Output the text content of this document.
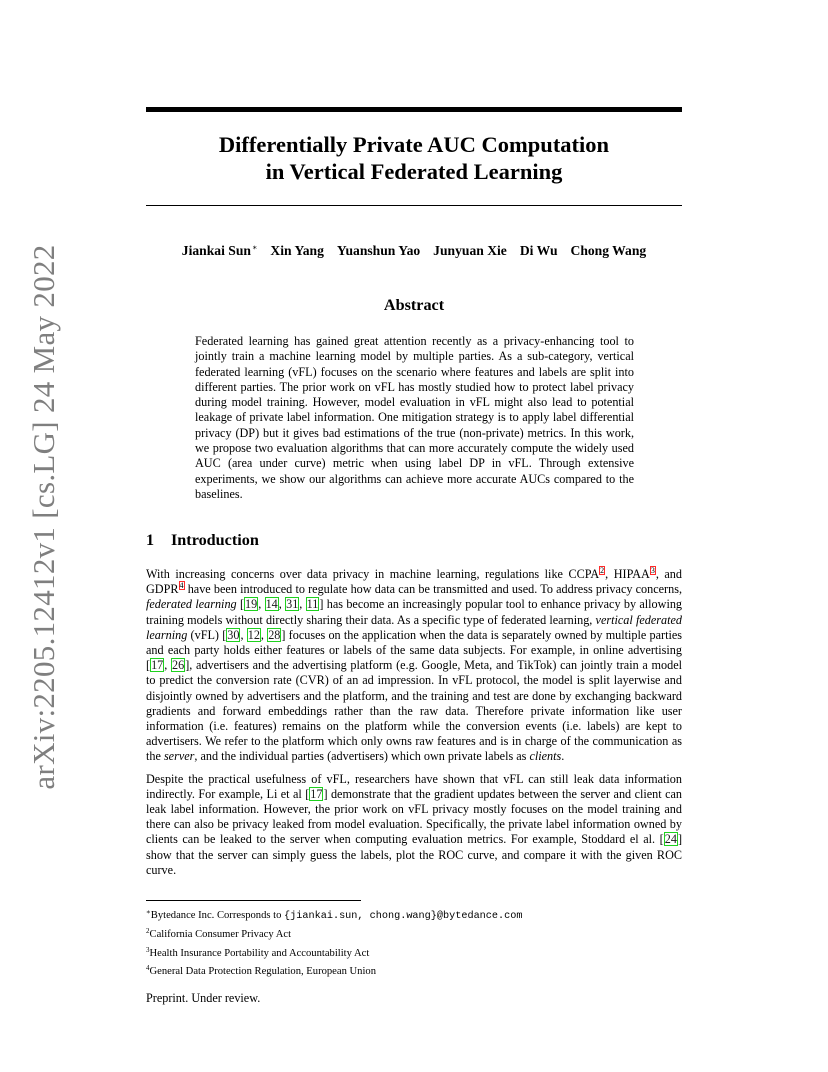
arXiv:2205.12412v1 [cs.LG] 24 May 2022
Differentially Private AUC Computation
in Vertical Federated Learning
Jiankai Sun∗ Xin Yang Yuanshun Yao Junyuan Xie Di Wu Chong Wang
Abstract
Federated learning has gained great attention recently as a privacy-enhancing tool to jointly train a machine learning model by multiple parties. As a sub-category, vertical federated learning (vFL) focuses on the scenario where features and labels are split into different parties. The prior work on vFL has mostly studied how to protect label privacy during model training. However, model evaluation in vFL might also lead to potential leakage of private label information. One mitigation strategy is to apply label differential privacy (DP) but it gives bad estimations of the true (non-private) metrics. In this work, we propose two evaluation algorithms that can more accurately compute the widely used AUC (area under curve) metric when using label DP in vFL. Through extensive experiments, we show our algorithms can achieve more accurate AUCs compared to the baselines.
1 Introduction

With increasing concerns over data privacy in machine learning, regulations like CCPA$^2$, HIPAA$^3$, and GDPR$^4$ have been introduced to regulate how data can be transmitted and used. To address privacy concerns, federated learning [19, 14, 31, 11] has become an increasingly popular tool to enhance privacy by allowing training models without directly sharing their data. As a specific type of federated learning, vertical federated learning (vFL) [30, 12, 28] focuses on the application when the data is separately owned by multiple parties and each party holds either features or labels of the same data subjects. For example, in online advertising [17, 26], advertisers and the advertising platform (e.g. Google, Meta, and TikTok) can jointly train a model to predict the conversion rate (CVR) of an ad impression. In vFL protocol, the model is split layerwise and disjointly owned by advertisers and the platform, and the training and test are done by exchanging backward gradients and forward embeddings rather than the raw data. Therefore private information like user information (i.e. features) remains on the platform while the conversion events (i.e. labels) are kept to advertisers. We refer to the platform which only owns raw features and is in charge of the communication as the server, and the individual parties (advertisers) which own private labels as clients.

Despite the practical usefulness of vFL, researchers have shown that vFL can still leak data information indirectly. For example, Li et al [17] demonstrate that the gradient updates between the server and client can leak label information. However, the prior work on vFL privacy mostly focuses on the model training and there can also be privacy leaked from model evaluation. Specifically, the private label information owned by clients can be leaked to the server when computing evaluation metrics. For example, Stoddard el al. [24] show that the server can simply guess the labels, plot the ROC curve, and compare it with the given ROC curve.

∗Bytedance Inc. Corresponds to {jiankai.sun, chong.wang}@bytedance.com
$^2$California Consumer Privacy Act
$^3$Health Insurance Portability and Accountability Act
$^4$General Data Protection Regulation, European Union
Preprint. Under review.
